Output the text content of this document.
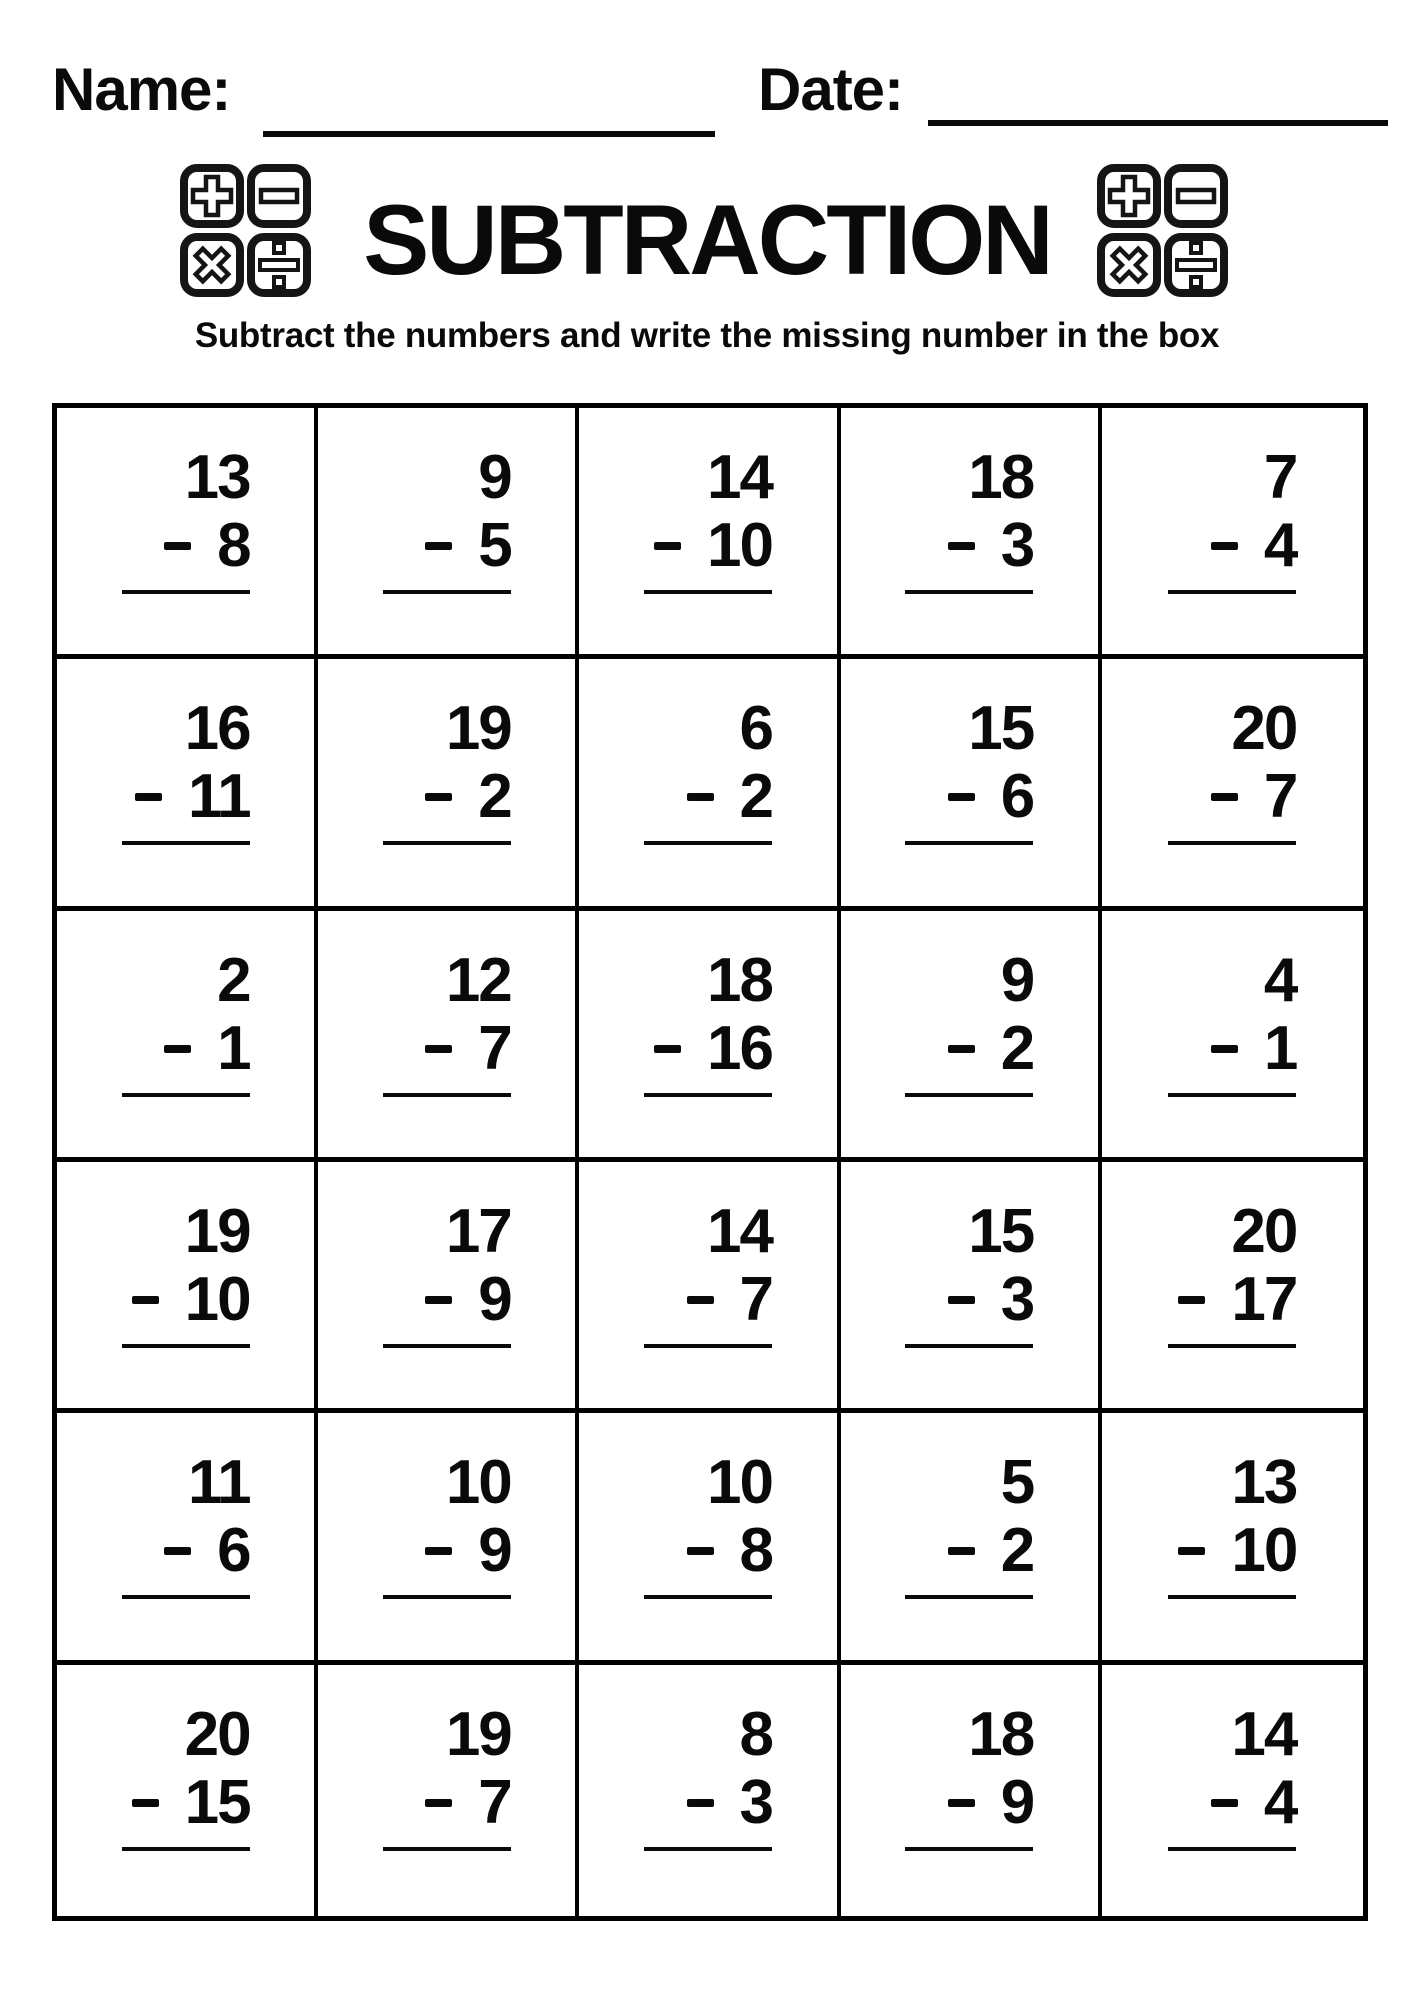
Name:	Date:
SUBTRACTION

Subtract the numbers and write the missing number in the box

13
8
9
5
14
10
18
3
7
4
16
11
19
2
6
2
15
6
20
7
2
1
12
7
18
16
9
2
4
1
19
10
17
9
14
7
15
3
20
17
11
6
10
9
10
8
5
2
13
10
20
15
19
7
8
3
18
9
14
4
